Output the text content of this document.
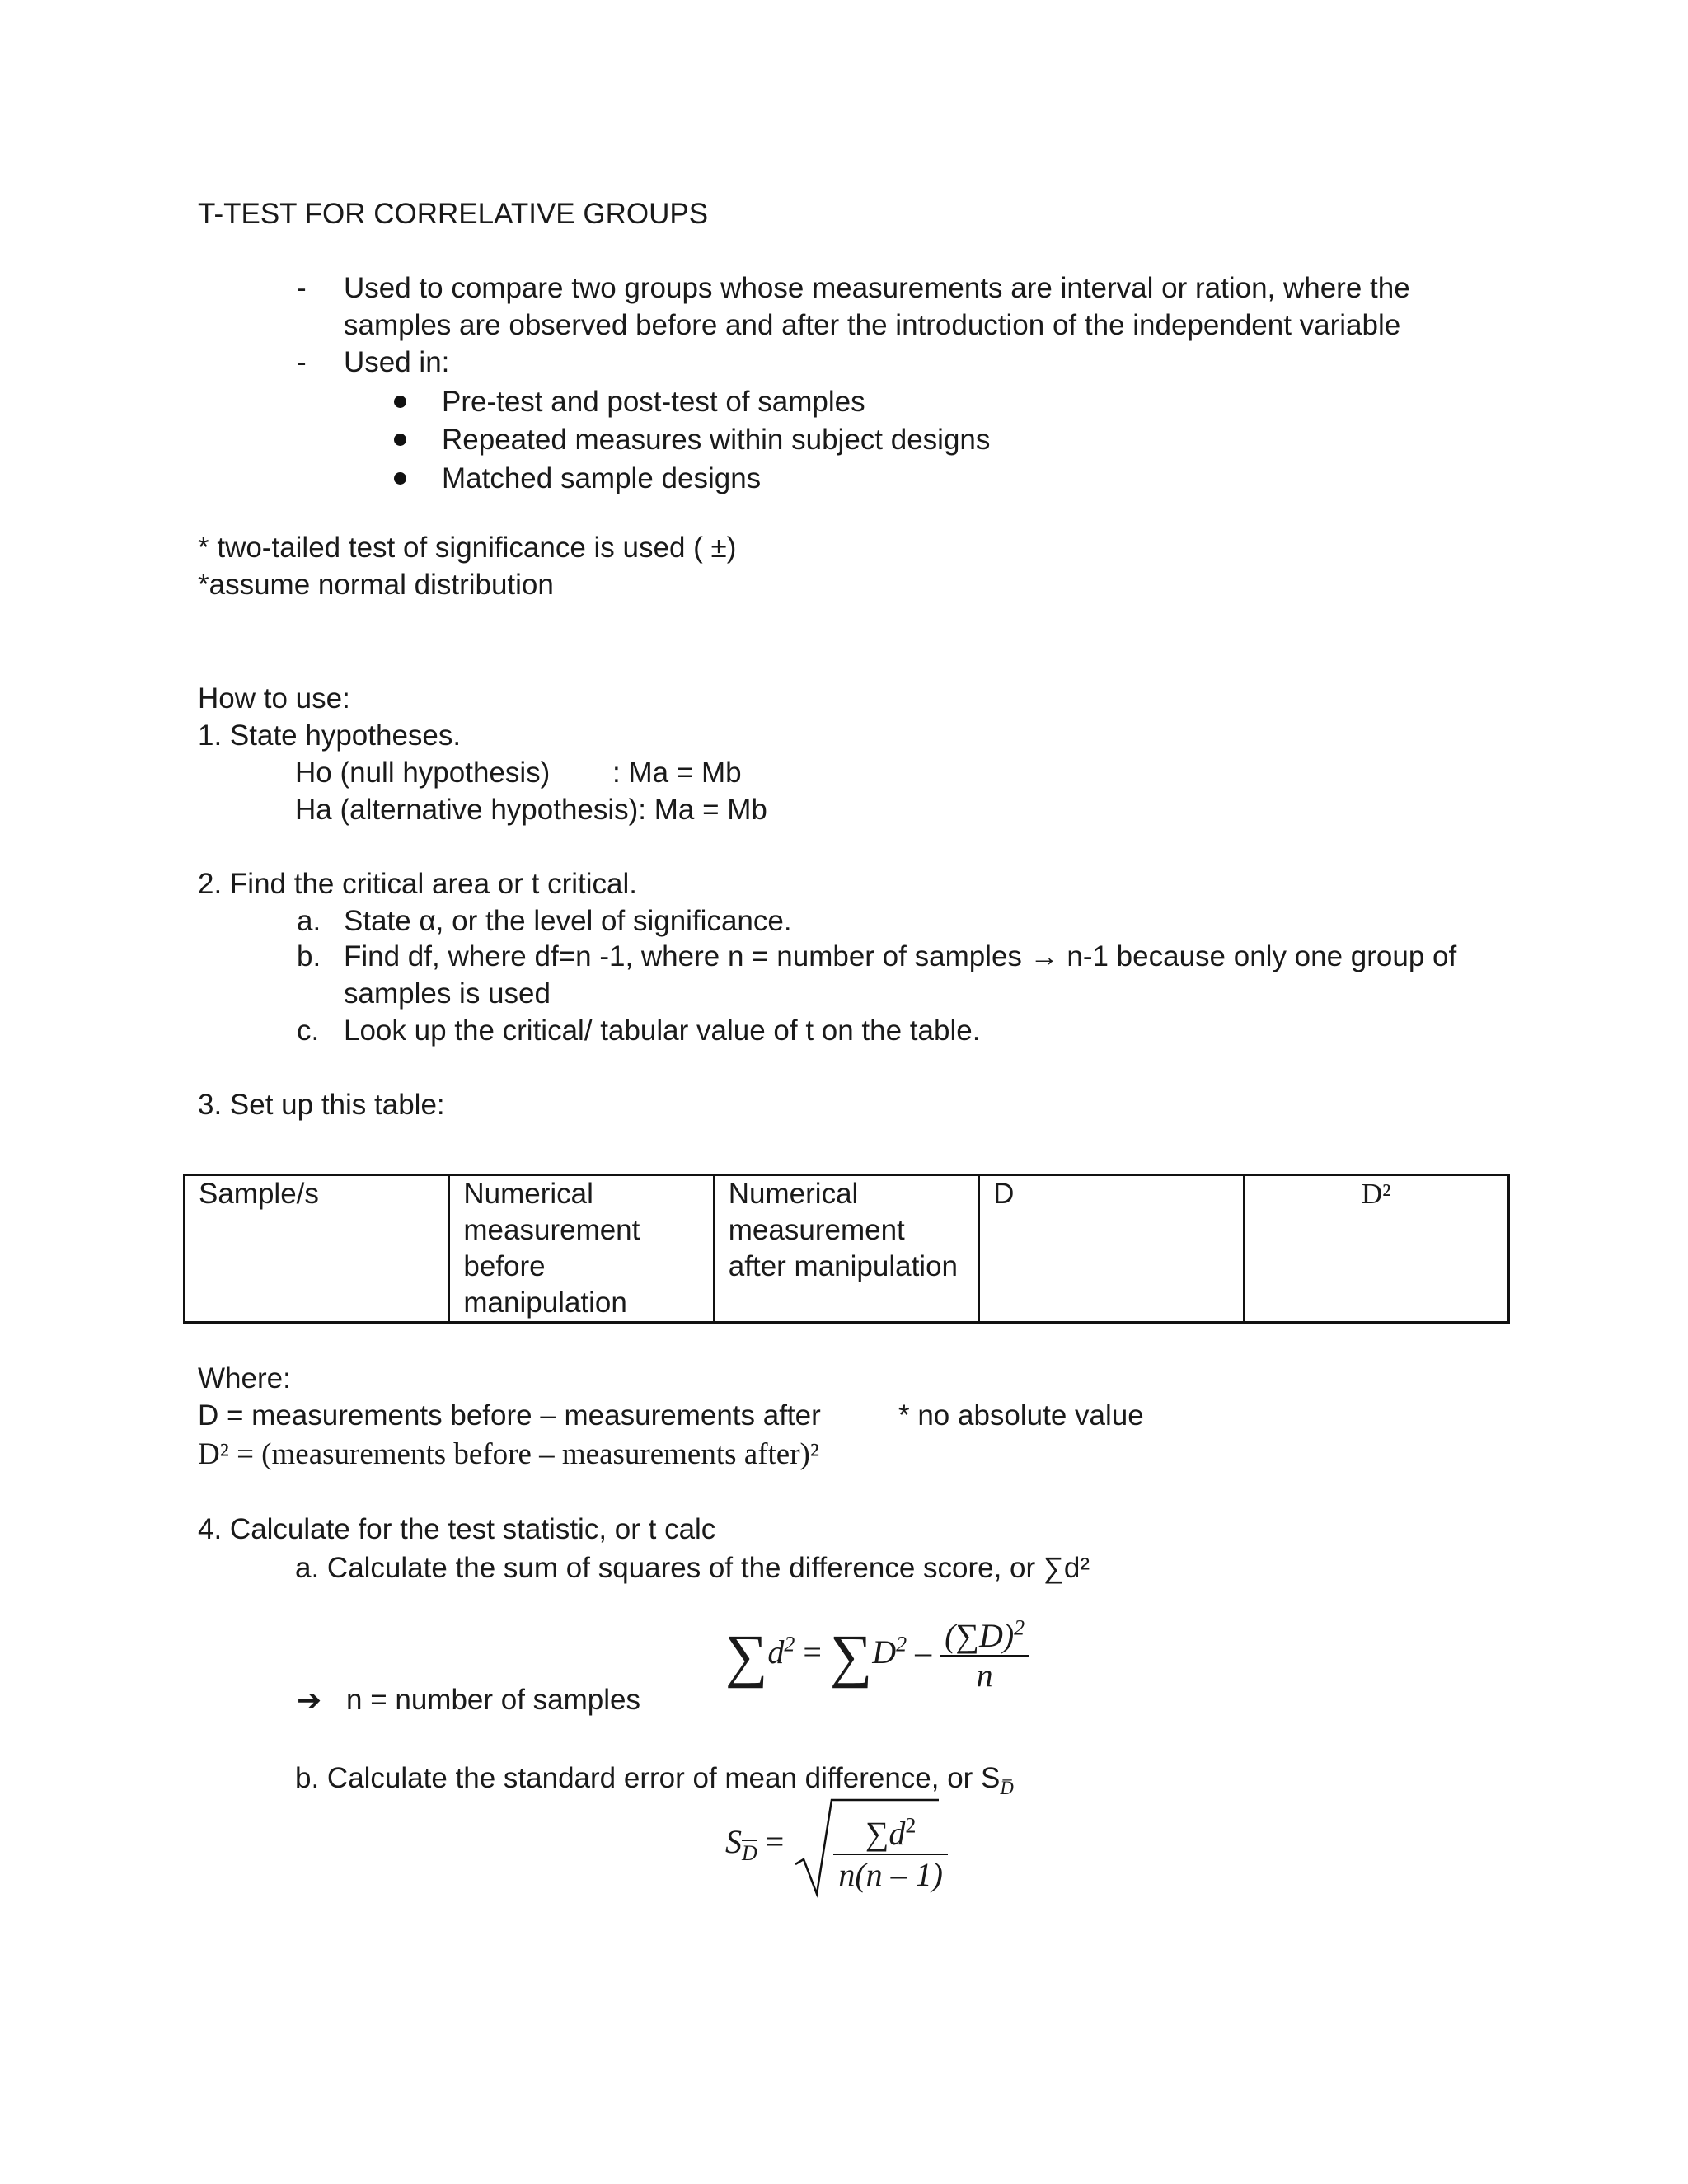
T-TEST FOR CORRELATIVE GROUPS
- Used to compare two groups whose measurements are interval or ration, where the
samples are observed before and after the introduction of the independent variable
- Used in:
Pre-test and post-test of samples
Repeated measures within subject designs
Matched sample designs
* two-tailed test of significance is used ( ±)
*assume normal distribution
How to use:
1. State hypotheses.
Ho (null hypothesis) : Ma = Mb
Ha (alternative hypothesis): Ma = Mb
2. Find the critical area or t critical.
a. State α, or the level of significance.
b. Find df, where df=n -1, where n = number of samples → n-1 because only one group of
samples is used
c. Look up the critical/ tabular value of t on the table.
3. Set up this table:
Sample/s	Numerical measurement before manipulation	Numerical measurement after manipulation	D	D²
Where:
D = measurements before – measurements after	* no absolute value
D² = (measurements before – measurements after)²
4. Calculate for the test statistic, or t calc
a. Calculate the sum of squares of the difference score, or ∑d²
$\sum d^2 = \sum D^2 - \frac{(\sum D)^2}{n}$
➔ n = number of samples
b. Calculate the standard error of mean difference, or $S_{D̅}$
$S_{\overline{D}} = \frac{\sum d^2}{n(n - 1)}$
